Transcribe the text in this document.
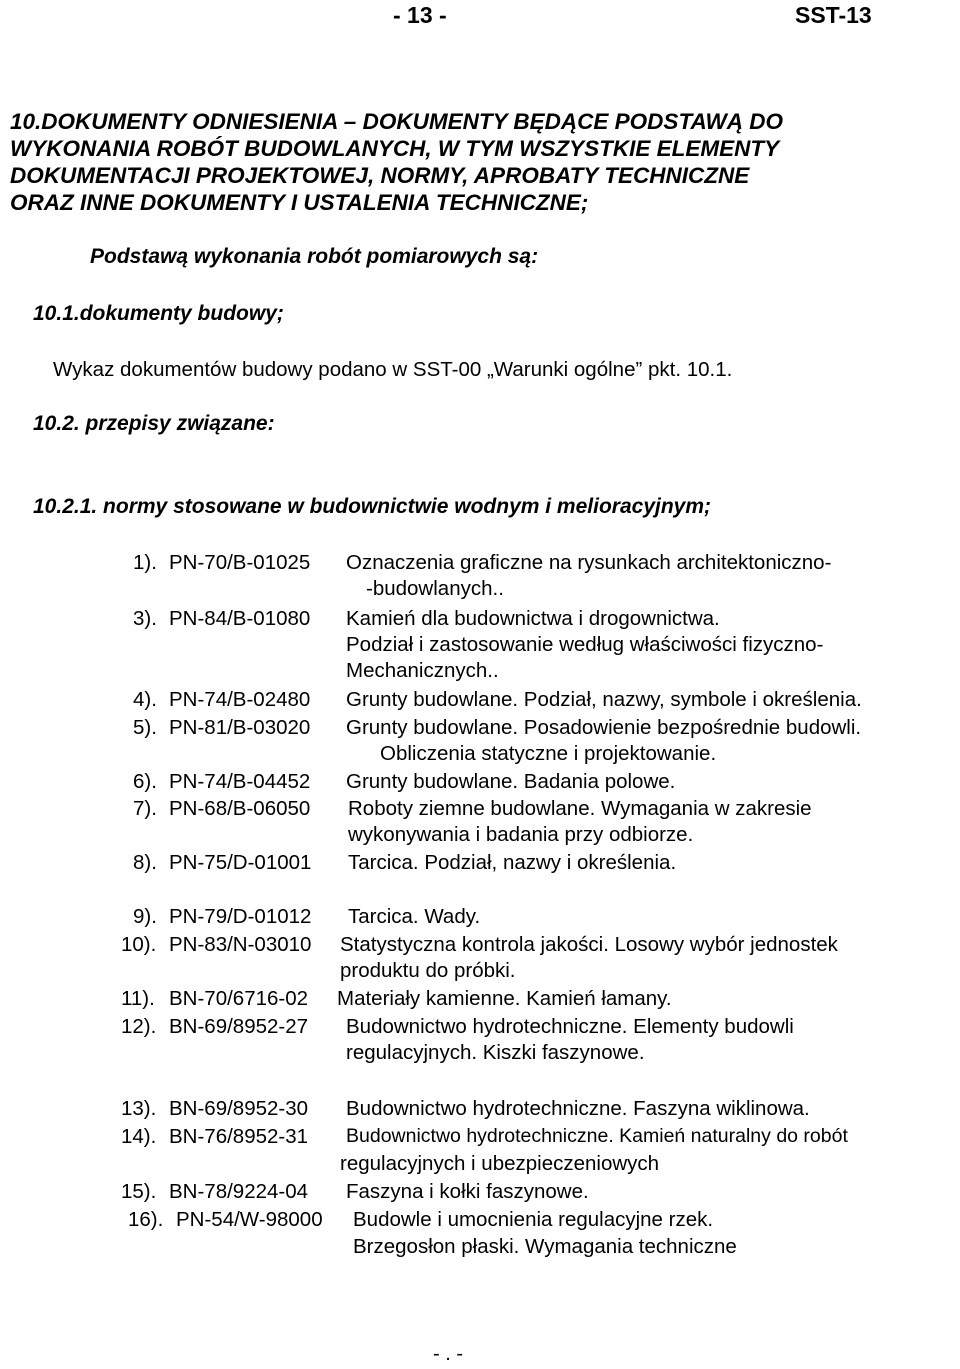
- 13 -	SST-13
10.DOKUMENTY ODNIESIENIA – DOKUMENTY BĘDĄCE PODSTAWĄ DO
WYKONANIA ROBÓT BUDOWLANYCH, W TYM WSZYSTKIE ELEMENTY
DOKUMENTACJI PROJEKTOWEJ, NORMY, APROBATY TECHNICZNE
ORAZ INNE DOKUMENTY I USTALENIA TECHNICZNE;
Podstawą wykonania robót pomiarowych są:
10.1.dokumenty budowy;
Wykaz dokumentów budowy podano w SST-00 „Warunki ogólne” pkt. 10.1.
10.2. przepisy związane:
10.2.1. normy stosowane w budownictwie wodnym i melioracyjnym;
1). PN-70/B-01025 Oznaczenia graficzne na rysunkach architektoniczno-
-budowlanych..
3). PN-84/B-01080 Kamień dla budownictwa i drogownictwa.
Podział i zastosowanie według właściwości fizyczno-
Mechanicznych..
4). PN-74/B-02480 Grunty budowlane. Podział, nazwy, symbole i określenia.
5). PN-81/B-03020 Grunty budowlane. Posadowienie bezpośrednie budowli.
Obliczenia statyczne i projektowanie.
6). PN-74/B-04452 Grunty budowlane. Badania polowe.
7). PN-68/B-06050 Roboty ziemne budowlane. Wymagania w zakresie
wykonywania i badania przy odbiorze.
8). PN-75/D-01001 Tarcica. Podział, nazwy i określenia.
9). PN-79/D-01012 Tarcica. Wady.
10). PN-83/N-03010 Statystyczna kontrola jakości. Losowy wybór jednostek
produktu do próbki.
11). BN-70/6716-02 Materiały kamienne. Kamień łamany.
12). BN-69/8952-27 Budownictwo hydrotechniczne. Elementy budowli
regulacyjnych. Kiszki faszynowe.
13). BN-69/8952-30 Budownictwo hydrotechniczne. Faszyna wiklinowa.
14). BN-76/8952-31 Budownictwo hydrotechniczne. Kamień naturalny do robót
regulacyjnych i ubezpieczeniowych
15). BN-78/9224-04 Faszyna i kołki faszynowe.
16). PN-54/W-98000 Budowle i umocnienia regulacyjne rzek.
Brzegosłon płaski. Wymagania techniczne
- . -
